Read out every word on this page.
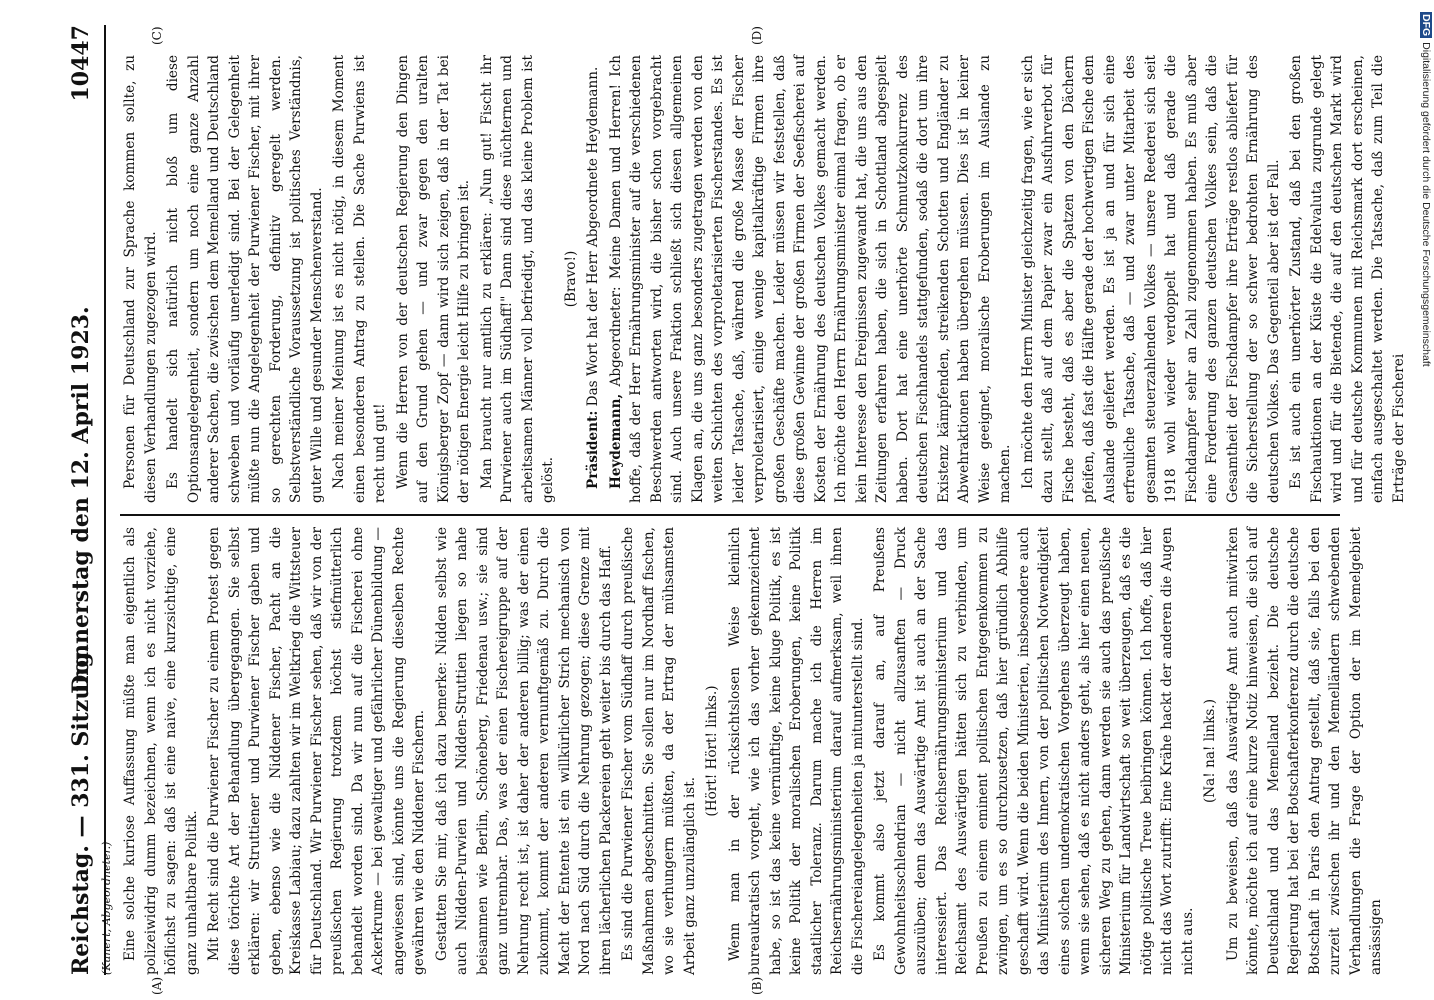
Reichstag. — 331. Sitzung.
Donnerstag den 12. April 1923.
10447
(Kunert, Abgeordneter.)
(A)	(B)
(C)	(D)

Eine solche kuriose Auffassung müßte man eigentlich als polizeiwidrig dumm bezeichnen, wenn ich es nicht vorziehe, höflichst zu sagen: daß ist eine naive, eine kurzsichtige, eine ganz unhaltbare Politik. Mit Recht sind die Purwiener Fischer zu einem Protest gegen diese törichte Art der Behandlung übergegangen. Sie selbst erklären: wir Struttiener und Purwiener Fischer gaben und geben, ebenso wie die Niddener Fischer, Pacht an die Kreiskasse Labiau; dazu zahlten wir im Weltkrieg die Wittsteuer für Deutschland. Wir Purwiener Fischer sehen, daß wir von der preußischen Regierung trotzdem höchst stiefmütterlich behandelt worden sind. Da wir nun auf die Fischerei ohne Ackerkrume — bei gewaltiger und gefährlicher Dünenbildung — angewiesen sind, könnte uns die Regierung dieselben Rechte gewähren wie den Niddener Fischern. Gestatten Sie mir, daß ich dazu bemerke: Nidden selbst wie auch Nidden-Purwien und Nidden-Struttien liegen so nahe beisammen wie Berlin, Schöneberg, Friedenau usw.; sie sind ganz untrennbar. Das, was der einen Fischereigruppe auf der Nehrung recht ist, ist daher der anderen billig; was der einen zukommt, kommt der anderen vernunftgemäß zu. Durch die Macht der Entente ist ein willkürlicher Strich mechanisch von Nord nach Süd durch die Nehrung gezogen; diese Grenze mit ihren lächerlichen Plackereien geht weiter bis durch das Haff. Es sind die Purwiener Fischer vom Südhaff durch preußische Maßnahmen abgeschnitten. Sie sollen nur im Nordhaff fischen, wo sie verhungern müßten, da der Ertrag der mühsamsten Arbeit ganz unzulänglich ist.

(Hört! Hört! links.) Wenn man in der rücksichtslosen Weise kleinlich bureaukratisch vorgeht, wie ich das vorher gekennzeichnet habe, so ist das keine vernünftige, keine kluge Politik, es ist keine Politik der moralischen Eroberungen, keine Politik staatlicher Toleranz. Darum mache ich die Herren im Reichsernährungsministerium darauf aufmerksam, weil ihnen die Fischereiangelegenheiten ja mitunterstellt sind. Es kommt also jetzt darauf an, auf Preußens Gewohnheitsschlendrian — nicht allzusanften — Druck auszuüben; denn das Auswärtige Amt ist auch an der Sache interessiert. Das Reichsernährungsministerium und das Reichsamt des Auswärtigen hätten sich zu verbinden, um Preußen zu einem eminent politischen Entgegenkommen zu zwingen, um es so durchzusetzen, daß hier gründlich Abhilfe geschafft wird. Wenn die beiden Ministerien, insbesondere auch das Ministerium des Innern, von der politischen Notwendigkeit eines solchen undemokratischen Vorgehens überzeugt haben, wenn sie sehen, daß es nicht anders geht, als hier einen neuen, sicheren Weg zu gehen, dann werden sie auch das preußische Ministerium für Landwirtschaft so weit überzeugen, daß es die nötige politische Treue beibringen können. Ich hoffe, daß hier nicht das Wort zutrifft: Eine Krähe hackt der anderen die Augen nicht aus.

(Na! na! links.) Um zu beweisen, daß das Auswärtige Amt auch mitwirken könnte, möchte ich auf eine kurze Notiz hinweisen, die sich auf Deutschland und das Memelland bezieht. Die deutsche Regierung hat bei der Botschafterkonferenz durch die deutsche Botschaft in Paris den Antrag gestellt, daß sie, falls bei den zurzeit zwischen ihr und den Memelländern schwebenden Verhandlungen die Frage der Option der im Memelgebiet ansässigen

Personen für Deutschland zur Sprache kommen sollte, zu diesen Verhandlungen zugezogen wird. Es handelt sich natürlich nicht bloß um diese Optionsangelegenheit, sondern um noch eine ganze Anzahl anderer Sachen, die zwischen dem Memelland und Deutschland schweben und vorläufig unerledigt sind. Bei der Gelegenheit müßte nun die Angelegenheit der Purwiener Fischer, mit ihrer so gerechten Forderung, definitiv geregelt werden. Selbstverständliche Voraussetzung ist politisches Verständnis, guter Wille und gesunder Menschenverstand. Nach meiner Meinung ist es nicht nötig, in diesem Moment einen besonderen Antrag zu stellen. Die Sache Purwiens ist recht und gut! Wenn die Herren von der deutschen Regierung den Dingen auf den Grund gehen — und zwar gegen den uralten Königsberger Zopf — dann wird sich zeigen, daß in der Tat bei der nötigen Energie leicht Hilfe zu bringen ist. Man braucht nur amtlich zu erklären: „Nun gut! Fischt ihr Purwiener auch im Südhaff!" Dann sind diese nüchternen und arbeitsamen Männer voll befriedigt, und das kleine Problem ist gelöst.

(Bravo!)

Präsident: Das Wort hat der Herr Abgeordnete Heydemann.

Heydemann, Abgeordneter: Meine Damen und Herren! Ich hoffe, daß der Herr Ernährungsminister auf die verschiedenen Beschwerden antworten wird, die bisher schon vorgebracht sind. Auch unsere Fraktion schließt sich diesen allgemeinen Klagen an, die uns ganz besonders zugetragen werden von den weiten Schichten des vorproletarisierten Fischerstandes. Es ist leider Tatsache, daß, während die große Masse der Fischer verproletarisiert, einige wenige kapitalkräftige Firmen ihre großen Geschäfte machen. Leider müssen wir feststellen, daß diese großen Gewinne der großen Firmen der Seefischerei auf Kosten der Ernährung des deutschen Volkes gemacht werden. Ich möchte den Herrn Ernährungsminister einmal fragen, ob er kein Interesse den Ereignissen zugewandt hat, die uns aus den Zeitungen erfahren haben, die sich in Schottland abgespielt haben. Dort hat eine unerhörte Schmutzkonkurrenz des deutschen Fischhandels stattgefunden, sodaß die dort um ihre Existenz kämpfenden, streikenden Schotten und Engländer zu Abwehraktionen haben übergehen müssen. Dies ist in keiner Weise geeignet, moralische Eroberungen im Auslande zu machen. Ich möchte den Herrn Minister gleichzeitig fragen, wie er sich dazu stellt, daß auf dem Papier zwar ein Ausfuhrverbot für Fische besteht, daß es aber die Spatzen von den Dächern pfeifen, daß fast die Hälfte gerade der hochwertigen Fische dem Auslande geliefert werden. Es ist ja an und für sich eine erfreuliche Tatsache, daß — und zwar unter Mitarbeit des gesamten steuerzahlenden Volkes — unsere Reederei sich seit 1918 wohl wieder verdoppelt hat und daß gerade die Fischdampfer sehr an Zahl zugenommen haben. Es muß aber eine Forderung des ganzen deutschen Volkes sein, daß die Gesamtheit der Fischdampfer ihre Erträge restlos abliefert für die Sicherstellung der so schwer bedrohten Ernährung des deutschen Volkes. Das Gegenteil aber ist der Fall. Es ist auch ein unerhörter Zustand, daß bei den großen Fischauktionen an der Küste die Edelvaluta zugrunde gelegt wird und für die Bietende, die auf den deutschen Markt wird und für deutsche Kommunen mit Reichsmark dort erscheinen, einfach ausgeschaltet werden. Die Tatsache, daß zum Teil die Erträge der Fischerei

DFGDigitalisierung gefördert durch die Deutsche Forschungsgemeinschaft
